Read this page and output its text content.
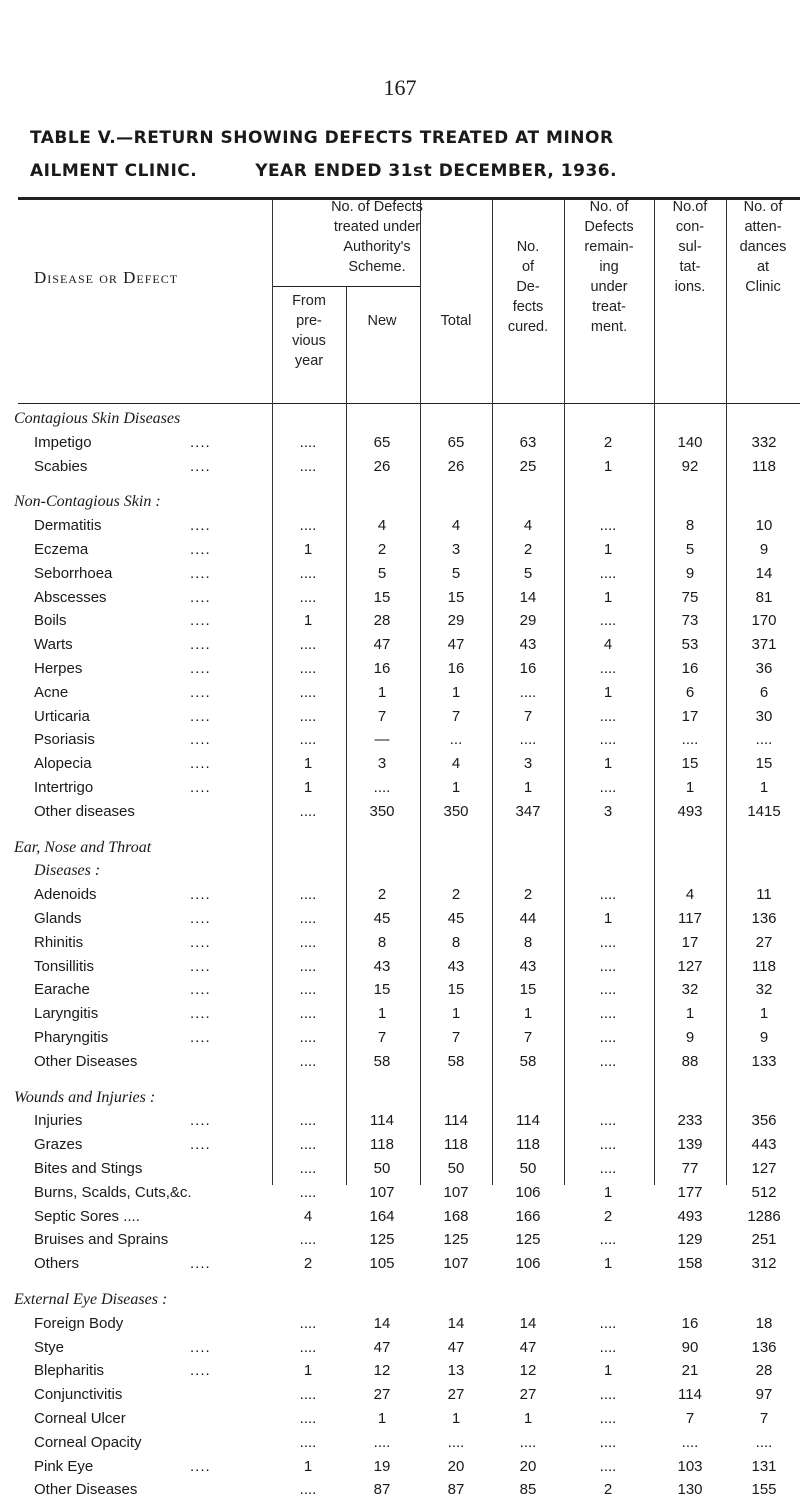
167
TABLE V.—RETURN SHOWING DEFECTS TREATED AT MINOR
AILMENT CLINIC.	YEAR ENDED 31st DECEMBER, 1936.
Disease or Defect
No. of Defects
treated under
Authority's
Scheme.
From
pre-
vious
year
New	Total
No.
of
De-
fects
cured.
No. of
Defects
remain-
ing
under
treat-
ment.
No.of
con-
sul-
tat-
ions.
No. of
atten-
dances
at
Clinic
Contagious Skin Diseases
Impetigo	....	....	65	65	63	2	140	332
Scabies	....	....	26	26	25	1	92	118
Non-Contagious Skin :
Dermatitis	....	....	4	4	4	....	8	10
Eczema	....	1	2	3	2	1	5	9
Seborrhoea	....	....	5	5	5	....	9	14
Abscesses	....	....	15	15	14	1	75	81
Boils	....	1	28	29	29	....	73	170
Warts	....	....	47	47	43	4	53	371
Herpes	....	....	16	16	16	....	16	36
Acne	....	....	1	1	....	1	6	6
Urticaria	....	....	7	7	7	....	17	30
Psoriasis	....	....	—	...	....	....	....	....
Alopecia	....	1	3	4	3	1	15	15
Intertrigo	....	1	....	1	1	....	1	1
Other diseases	....	350	350	347	3	493	1415
Ear, Nose and Throat
Diseases :
Adenoids	....	....	2	2	2	....	4	11
Glands	....	....	45	45	44	1	117	136
Rhinitis	....	....	8	8	8	....	17	27
Tonsillitis	....	....	43	43	43	....	127	118
Earache	....	....	15	15	15	....	32	32
Laryngitis	....	....	1	1	1	....	1	1
Pharyngitis	....	....	7	7	7	....	9	9
Other Diseases	....	58	58	58	....	88	133
Wounds and Injuries :
Injuries	....	....	114	114	114	....	233	356
Grazes	....	....	118	118	118	....	139	443
Bites and Stings	....	50	50	50	....	77	127
Burns, Scalds, Cuts,&c.	....	107	107	106	1	177	512
Septic Sores ....	4	164	168	166	2	493	1286
Bruises and Sprains	....	125	125	125	....	129	251
Others	....	2	105	107	106	1	158	312
External Eye Diseases :
Foreign Body	....	14	14	14	....	16	18
Stye	....	....	47	47	47	....	90	136
Blepharitis	....	1	12	13	12	1	21	28
Conjunctivitis	....	27	27	27	....	114	97
Corneal Ulcer	....	1	1	1	....	7	7
Corneal Opacity	....	....	....	....	....	....	....
Pink Eye	....	1	19	20	20	....	103	131
Other Diseases	....	87	87	85	2	130	155
